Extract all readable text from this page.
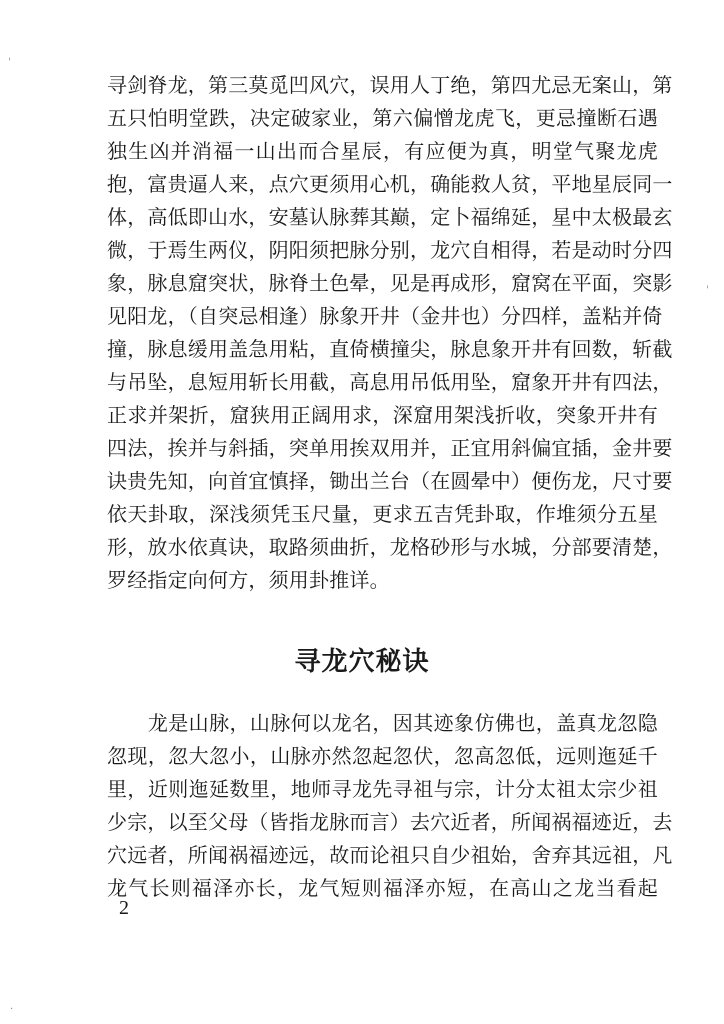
'
'
·
寻剑脊龙，第三莫觅凹风穴，误用人丁绝，第四尤忌无案山，第
五只怕明堂跌，决定破家业，第六偏憎龙虎飞，更忌撞断石遇
独生凶并消福一山出而合星辰，有应便为真，明堂气聚龙虎
抱，富贵逼人来，点穴更须用心机，确能救人贫，平地星辰同一
体，高低即山水，安墓认脉葬其巅，定卜福绵延，星中太极最玄
微，于焉生两仪，阴阳须把脉分别，龙穴自相得，若是动时分四
象，脉息窟突状，脉脊土色晕，见是再成形，窟窝在平面，突影
见阳龙，（自突忌相逢）脉象开井（金井也）分四样，盖粘并倚
撞，脉息缓用盖急用粘，直倚横撞尖，脉息象开井有回数，斩截
与吊坠，息短用斩长用截，高息用吊低用坠，窟象开井有四法，
正求并架折，窟狭用正阔用求，深窟用架浅折收，突象开井有
四法，挨并与斜插，突单用挨双用并，正宜用斜偏宜插，金井要
诀贵先知，向首宜慎择，锄出兰台（在圆晕中）便伤龙，尺寸要
依天卦取，深浅须凭玉尺量，更求五吉凭卦取，作堆须分五星
形，放水依真诀，取路须曲折，龙格砂形与水城，分部要清楚，
罗经指定向何方，须用卦推详。
寻龙穴秘诀
　　龙是山脉，山脉何以龙名，因其迹象仿佛也，盖真龙忽隐
忽现，忽大忽小，山脉亦然忽起忽伏，忽高忽低，远则迤延千
里，近则迤延数里，地师寻龙先寻祖与宗，计分太祖太宗少祖
少宗，以至父母（皆指龙脉而言）去穴近者，所闻祸福迹近，去
穴远者，所闻祸福迹远，故而论祖只自少祖始，舍弃其远祖，凡
龙气长则福泽亦长，龙气短则福泽亦短，在高山之龙当看起
2
